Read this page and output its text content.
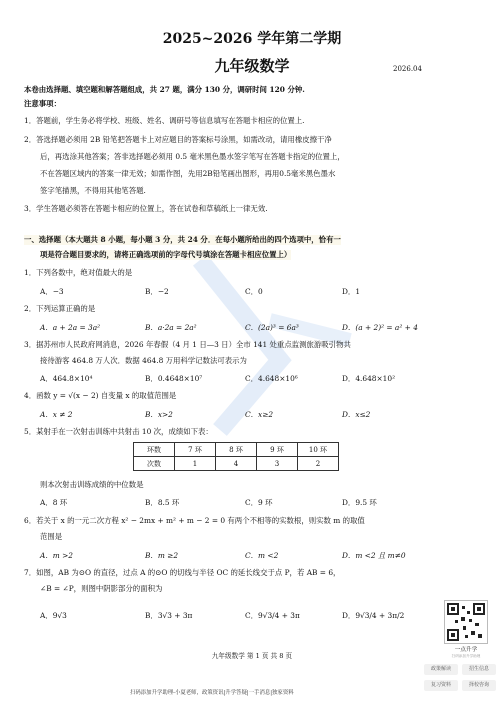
2025~2026 学年第二学期
九年级数学	2026.04
本卷由选择题、填空题和解答题组成，共 27 题，满分 130 分，调研时间 120 分钟.
注意事项：
1．答题前，学生务必将学校、班级、姓名、调研号等信息填写在答题卡相应的位置上.
2．答选择题必须用 2B 铅笔把答题卡上对应题目的答案标号涂黑，如需改动，请用橡皮擦干净
后，再选涂其他答案；答非选择题必须用 0.5 毫米黑色墨水签字笔写在答题卡指定的位置上，
不在答题区域内的答案一律无效；如需作图，先用2B铅笔画出图形，再用0.5毫米黑色墨水
签字笔描黑，不得用其他笔答题.
3．学生答题必须答在答题卡相应的位置上，答在试卷和草稿纸上一律无效.
一、选择题（本大题共 8 小题，每小题 3 分，共 24 分．在每小题所给出的四个选项中，恰有一
项是符合题目要求的，请将正确选项前的字母代号填涂在答题卡相应位置上）
1．下列各数中，绝对值最大的是
A．−3	B．−2	C．0	D．1
2．下列运算正确的是
A．a + 2a = 3a²	B．a·2a = 2a²	C．(2a)³ = 6a³	D．(a + 2)² = a² + 4
3．据苏州市人民政府网消息，2026 年春假（4 月 1 日—3 日）全市 141 处重点监测旅游吸引物共
接待游客 464.8 万人次．数据 464.8 万用科学记数法可表示为
A．464.8×10⁴	B．0.4648×10⁷	C．4.648×10⁶	D．4.648×10²
4．函数 y = √(x − 2) 自变量 x 的取值范围是
A．x ≠ 2	B．x>2	C．x≥2	D．x≤2
5．某射手在一次射击训练中共射击 10 次，成绩如下表：
环数	7 环	8 环	9 环	10 环
次数	1	4	3	2
则本次射击训练成绩的中位数是
A．8 环	B．8.5 环	C．9 环	D．9.5 环
6．若关于 x 的一元二次方程 x² − 2mx + m² + m − 2 = 0 有两个不相等的实数根，则实数 m 的取值
范围是
A．m >2	B．m ≥2	C．m <2	D．m <2 且 m≠0
7．如图，AB 为⊙O 的直径，过点 A 的⊙O 的切线与半径 OC 的延长线交于点 P，若 AB = 6，
∠B = ∠P，则图中阴影部分的面积为
A．9√3	B．3√3 + 3π	C．9√3/4 + 3π	D．9√3/4 + 3π/2
九年级数学 第 1 页 共 8 页
一点升学
扫码添加升学助理
政策解读	招生信息
复习资料	择校咨询
扫码添加升学助理-小夏老师，政策资讯|升学答疑|一手消息|独家资料
